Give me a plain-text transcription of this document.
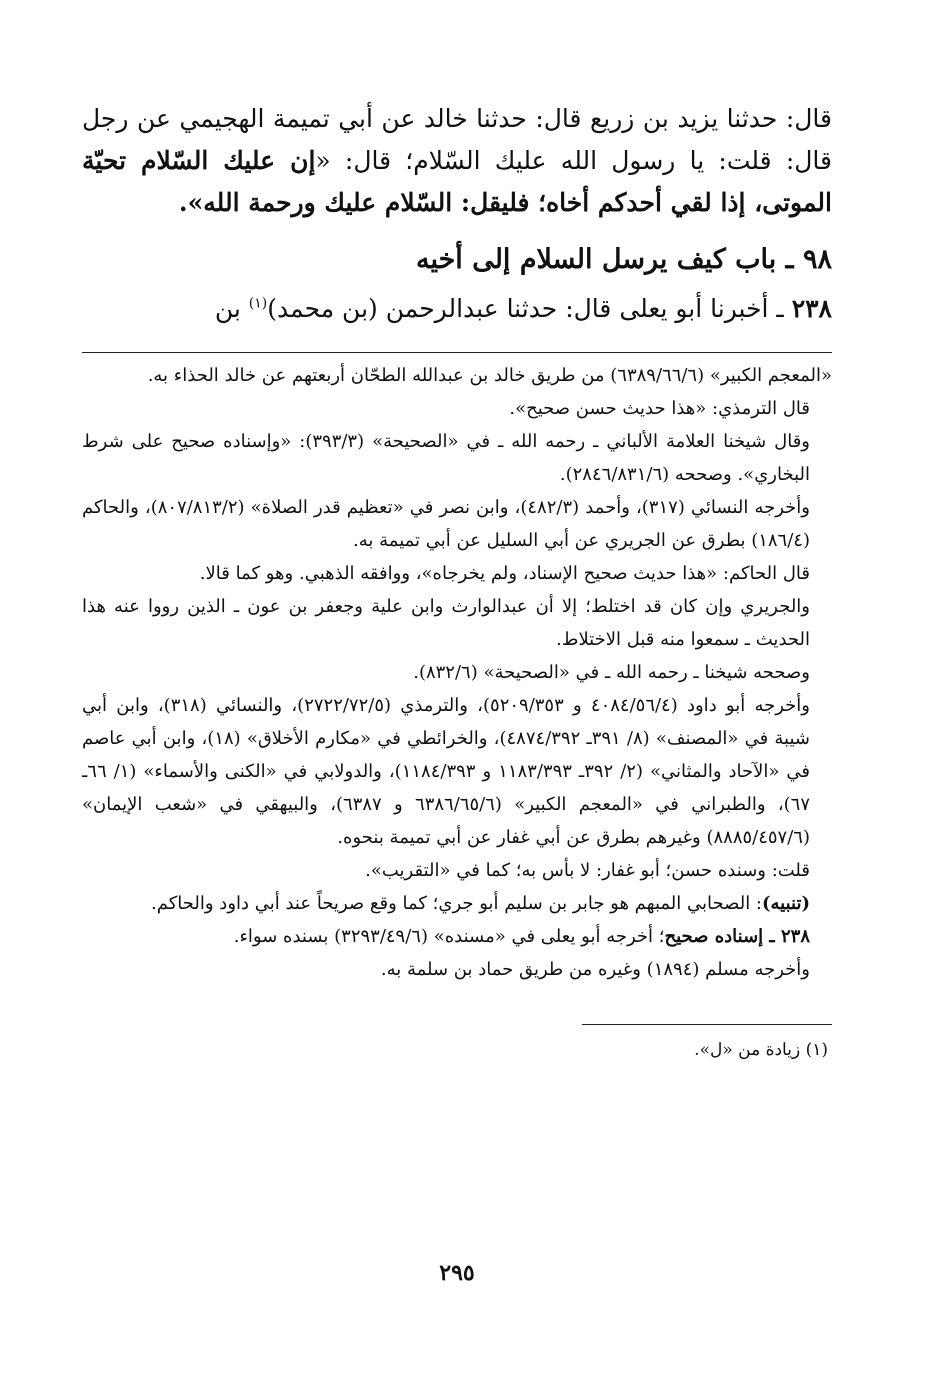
قال: حدثنا يزيد بن زريع قال: حدثنا خالد عن أبي تميمة الهجيمي عن رجل قال: قلت: يا رسول الله عليك السّلام؛ قال: «إن عليك السّلام تحيّة الموتى، إذا لقي أحدكم أخاه؛ فليقل: السّلام عليك ورحمة الله».

٩٨ ـ باب كيف يرسل السلام إلى أخيه

٢٣٨ ـ أخبرنا أبو يعلى قال: حدثنا عبدالرحمن (بن محمد)$^{(١)}$ بن

«المعجم الكبير» (٦٣٨٩/٦٦/٦) من طريق خالد بن عبدالله الطحّان أربعتهم عن خالد الحذاء به.

قال الترمذي: «هذا حديث حسن صحيح».

وقال شيخنا العلامة الألباني ـ رحمه الله ـ في «الصحيحة» (٣٩٣/٣): «وإسناده صحيح على شرط البخاري». وصححه (٢٨٤٦/٨٣١/٦).

وأخرجه النسائي (٣١٧)، وأحمد (٤٨٢/٣)، وابن نصر في «تعظيم قدر الصلاة» (٨٠٧/٨١٣/٢)، والحاكم (١٨٦/٤) بطرق عن الجريري عن أبي السليل عن أبي تميمة به.

قال الحاكم: «هذا حديث صحيح الإسناد، ولم يخرجاه»، ووافقه الذهبي. وهو كما قالا.

والجريري وإن كان قد اختلط؛ إلا أن عبدالوارث وابن علية وجعفر بن عون ـ الذين رووا عنه هذا الحديث ـ سمعوا منه قبل الاختلاط.

وصححه شيخنا ـ رحمه الله ـ في «الصحيحة» (٨٣٢/٦).

وأخرجه أبو داود (٤٠٨٤/٥٦/٤ و ٥٢٠٩/٣٥٣)، والترمذي (٢٧٢٢/٧٢/٥)، والنسائي (٣١٨)، وابن أبي شيبة في «المصنف» (٨/ ٣٩١ـ ٤٨٧٤/٣٩٢)، والخرائطي في «مكارم الأخلاق» (١٨)، وابن أبي عاصم في «الآحاد والمثاني» (٢/ ٣٩٢ـ ١١٨٣/٣٩٣ و ١١٨٤/٣٩٣)، والدولابي في «الكنى والأسماء» (١/ ٦٦ـ ٦٧)، والطبراني في «المعجم الكبير» (٦٣٨٦/٦٥/٦ و ٦٣٨٧)، والبيهقي في «شعب الإيمان» (٨٨٨٥/٤٥٧/٦) وغيرهم بطرق عن أبي غفار عن أبي تميمة بنحوه.

قلت: وسنده حسن؛ أبو غفار: لا بأس به؛ كما في «التقريب».

(تنبيه): الصحابي المبهم هو جابر بن سليم أبو جري؛ كما وقع صريحاً عند أبي داود والحاكم.

٢٣٨ ـ إسناده صحيح؛ أخرجه أبو يعلى في «مسنده» (٣٢٩٣/٤٩/٦) بسنده سواء.

وأخرجه مسلم (١٨٩٤) وغيره من طريق حماد بن سلمة به.

(١) زيادة من «ل».
٢٩٥
